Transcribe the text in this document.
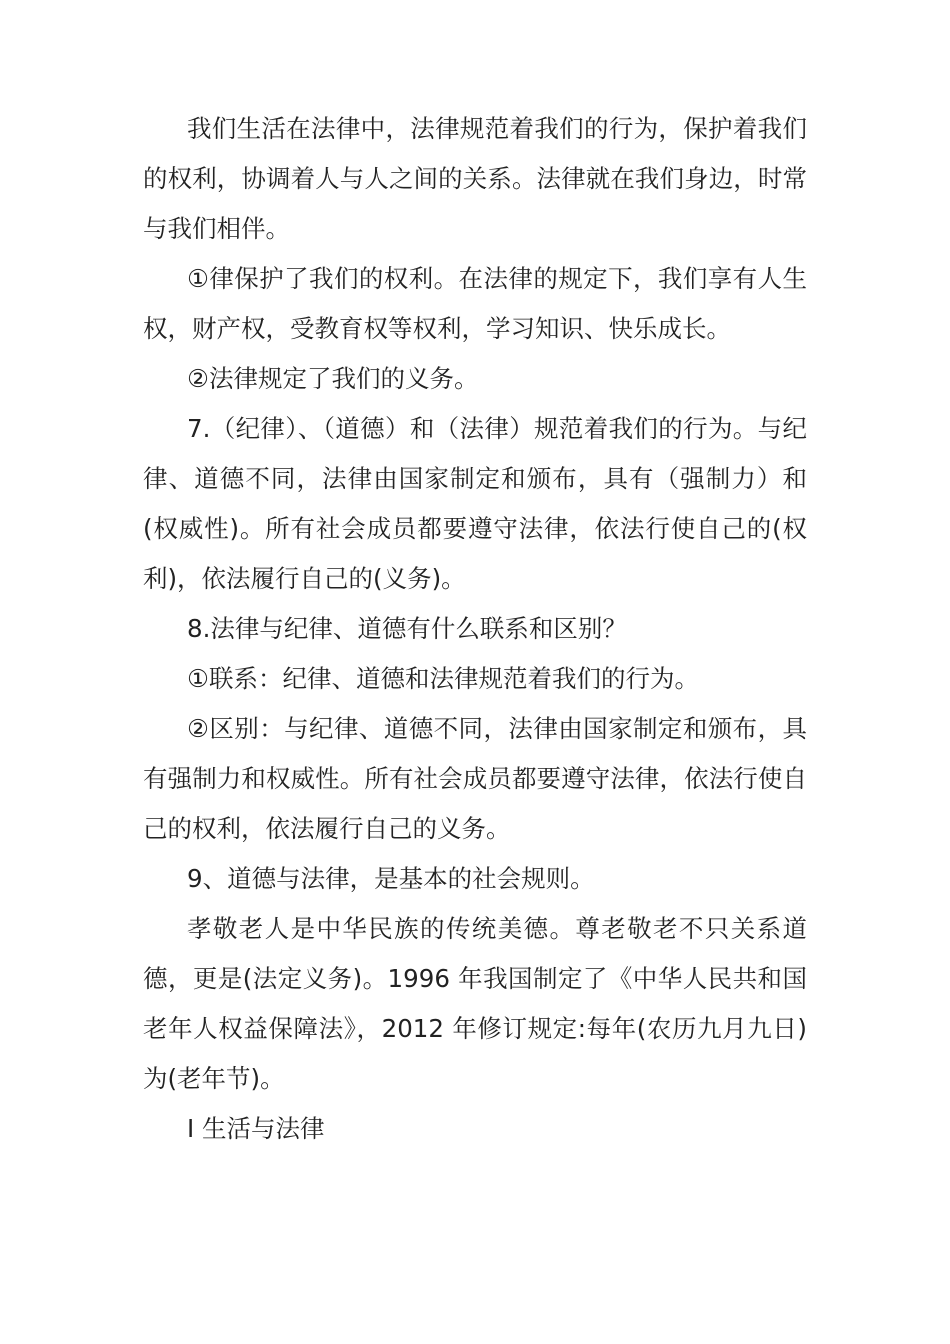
我们生活在法律中，法律规范着我们的行为，保护着我们的权利，协调着人与人之间的关系。法律就在我们身边，时常与我们相伴。

①律保护了我们的权利。在法律的规定下，我们享有人生权，财产权，受教育权等权利，学习知识、快乐成长。

②法律规定了我们的义务。

7.（纪律）、（道德）和（法律）规范着我们的行为。与纪律、道德不同，法律由国家制定和颁布，具有（强制力）和(权威性)。所有社会成员都要遵守法律，依法行使自己的(权利)，依法履行自己的(义务)。

8.法律与纪律、道德有什么联系和区别？

①联系：纪律、道德和法律规范着我们的行为。

②区别：与纪律、道德不同，法律由国家制定和颁布，具有强制力和权威性。所有社会成员都要遵守法律，依法行使自己的权利，依法履行自己的义务。

9、道德与法律，是基本的社会规则。

孝敬老人是中华民族的传统美德。尊老敬老不只关系道德，更是(法定义务)。1996 年我国制定了《中华人民共和国老年人权益保障法》，2012 年修订规定:每年(农历九月九日)为(老年节)。

I 生活与法律
